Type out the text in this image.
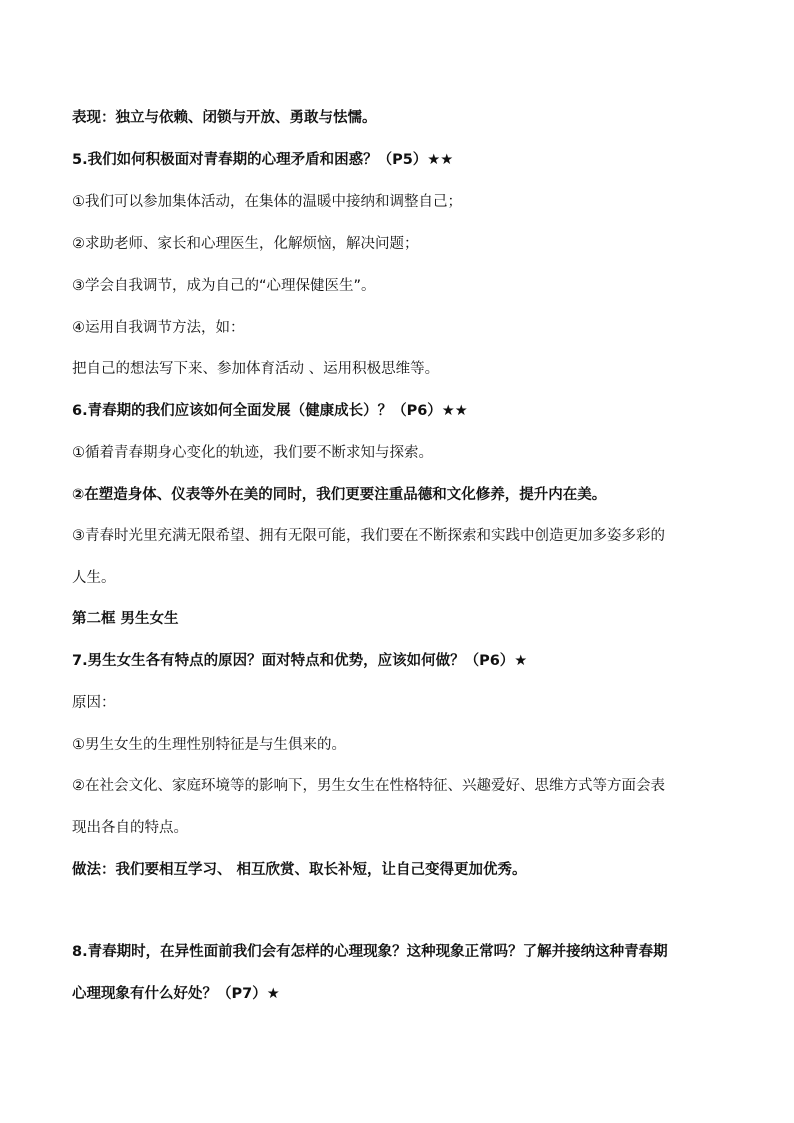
表现：独立与依赖、闭锁与开放、勇敢与怯懦。
5.我们如何积极面对青春期的心理矛盾和困惑？（P5）★★
①我们可以参加集体活动，在集体的温暖中接纳和调整自己；
②求助老师、家长和心理医生，化解烦恼，解决问题；
③学会自我调节，成为自己的“心理保健医生”。
④运用自我调节方法，如：
把自己的想法写下来、参加体育活动 、运用积极思维等。
6.青春期的我们应该如何全面发展（健康成长）？（P6）★★
①循着青春期身心变化的轨迹，我们要不断求知与探索。
②在塑造身体、仪表等外在美的同时，我们更要注重品德和文化修养，提升内在美。
③青春时光里充满无限希望、拥有无限可能，我们要在不断探索和实践中创造更加多姿多彩的
人生。
第二框 男生女生
7.男生女生各有特点的原因？面对特点和优势，应该如何做？（P6）★
原因：
①男生女生的生理性别特征是与生俱来的。
②在社会文化、家庭环境等的影响下，男生女生在性格特征、兴趣爱好、思维方式等方面会表
现出各自的特点。
做法：我们要相互学习、 相互欣赏、取长补短，让自己变得更加优秀。
8.青春期时，在异性面前我们会有怎样的心理现象？这种现象正常吗？了解并接纳这种青春期
心理现象有什么好处？（P7）★
